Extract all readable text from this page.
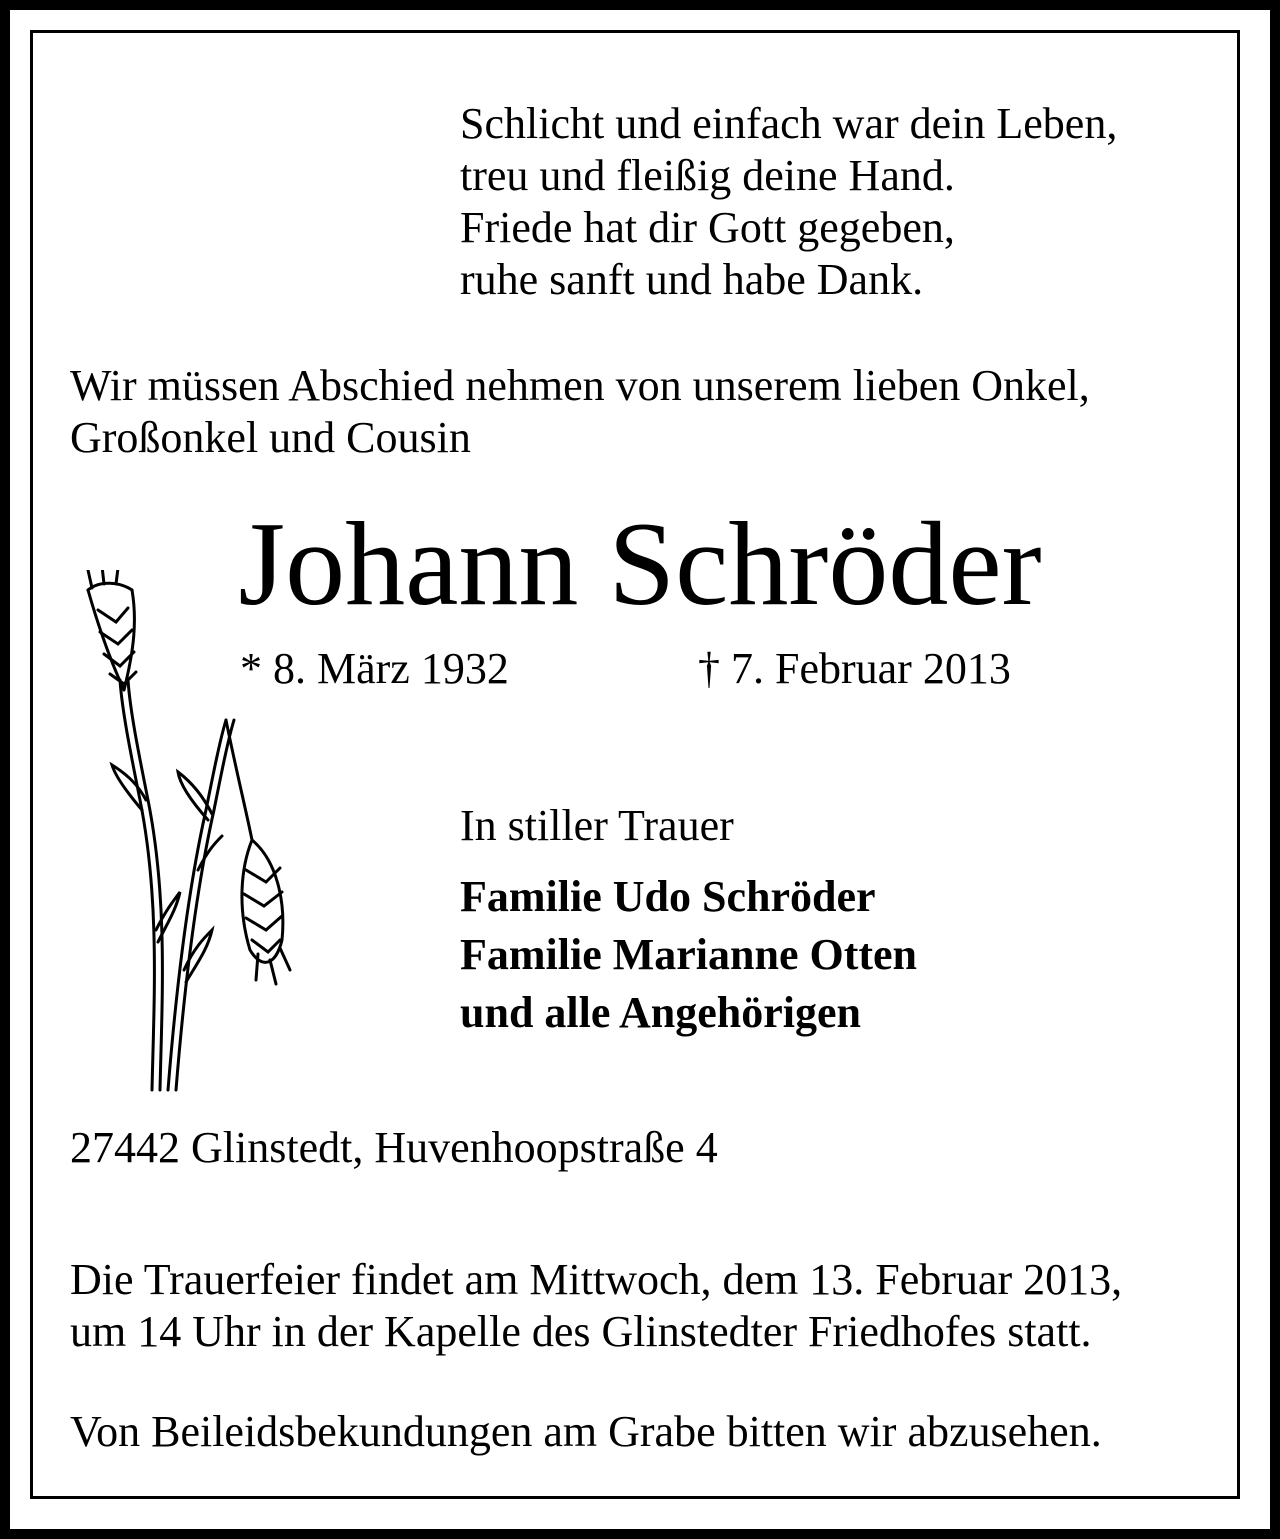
Schlicht und einfach war dein Leben,
treu und fleißig deine Hand.
Friede hat dir Gott gegeben,
ruhe sanft und habe Dank.
Wir müssen Abschied nehmen von unserem lieben Onkel,
Großonkel und Cousin
Johann Schröder
* 8. März 1932	† 7. Februar 2013
In stiller Trauer
Familie Udo Schröder
Familie Marianne Otten
und alle Angehörigen
27442 Glinstedt, Huvenhoopstraße 4
Die Trauerfeier findet am Mittwoch, dem 13. Februar 2013,
um 14 Uhr in der Kapelle des Glinstedter Friedhofes statt.
Von Beileidsbekundungen am Grabe bitten wir abzusehen.
